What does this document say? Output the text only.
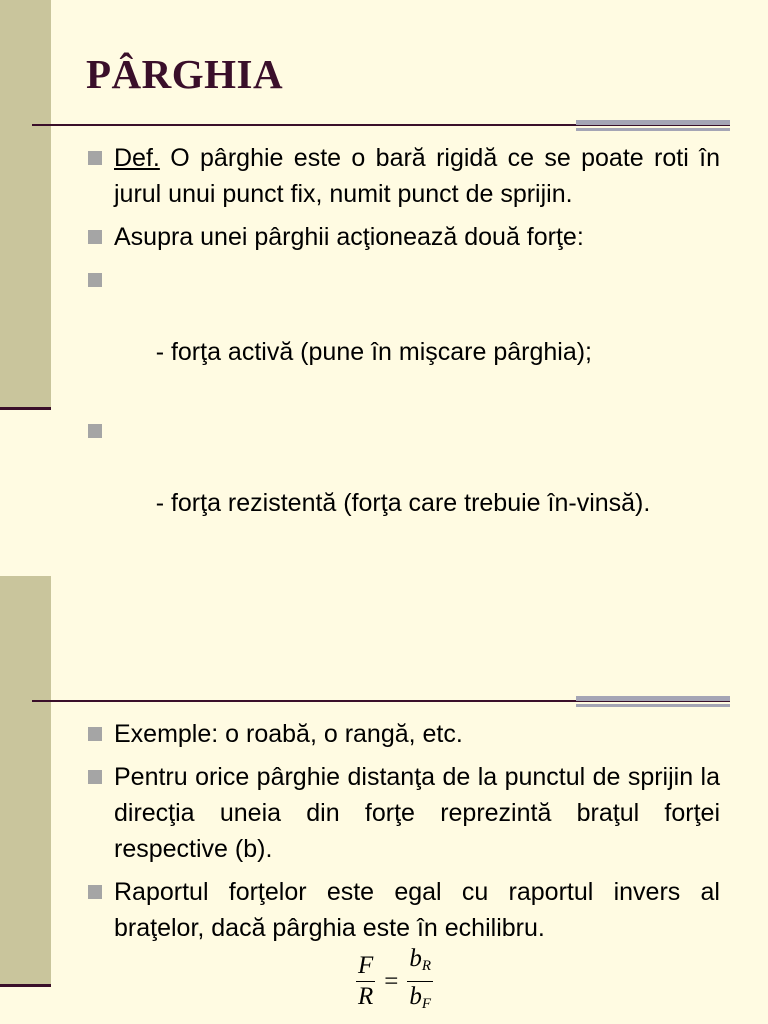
PÂRGHIA
Def. O pârghie este o bară rigidă ce se poate roti în jurul unui punct fix, numit punct de sprijin.
Asupra unei pârghii acţionează două forţe:

- forţa activă (pune în mişcare pârghia);

- forţa rezistentă (forţa care trebuie în-vinsă).

Exemple: o roabă, o rangă, etc.
Pentru orice pârghie distanţa de la punctul de sprijin la direcţia uneia din forţe reprezintă braţul forţei respective (b).
Raportul forţelor este egal cu raportul invers al braţelor, dacă pârghia este în echilibru.
$\frac{F}{R} = \frac{b_R}{b_F}$
